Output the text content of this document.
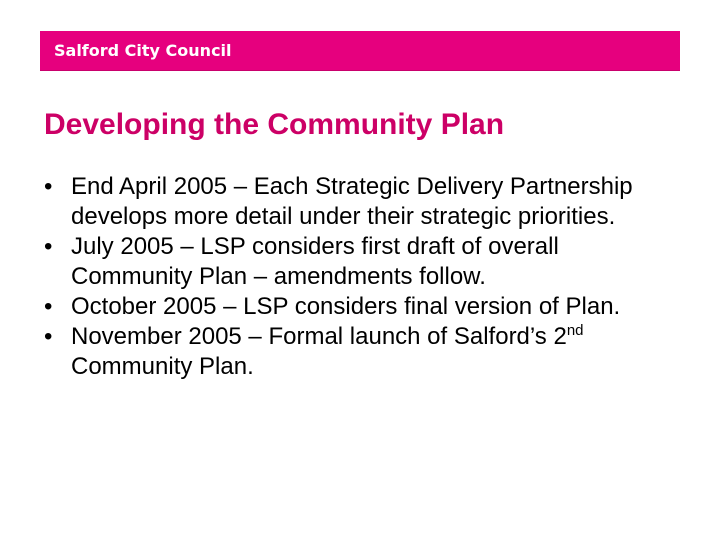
Salford City Council
Developing the Community Plan
• End April 2005 – Each Strategic Delivery Partnership develops more detail under their strategic priorities.
• July 2005 – LSP considers first draft of overall Community Plan – amendments follow.
• October 2005 – LSP considers final version of Plan.
• November 2005 – Formal launch of Salford’s 2nd Community Plan.
